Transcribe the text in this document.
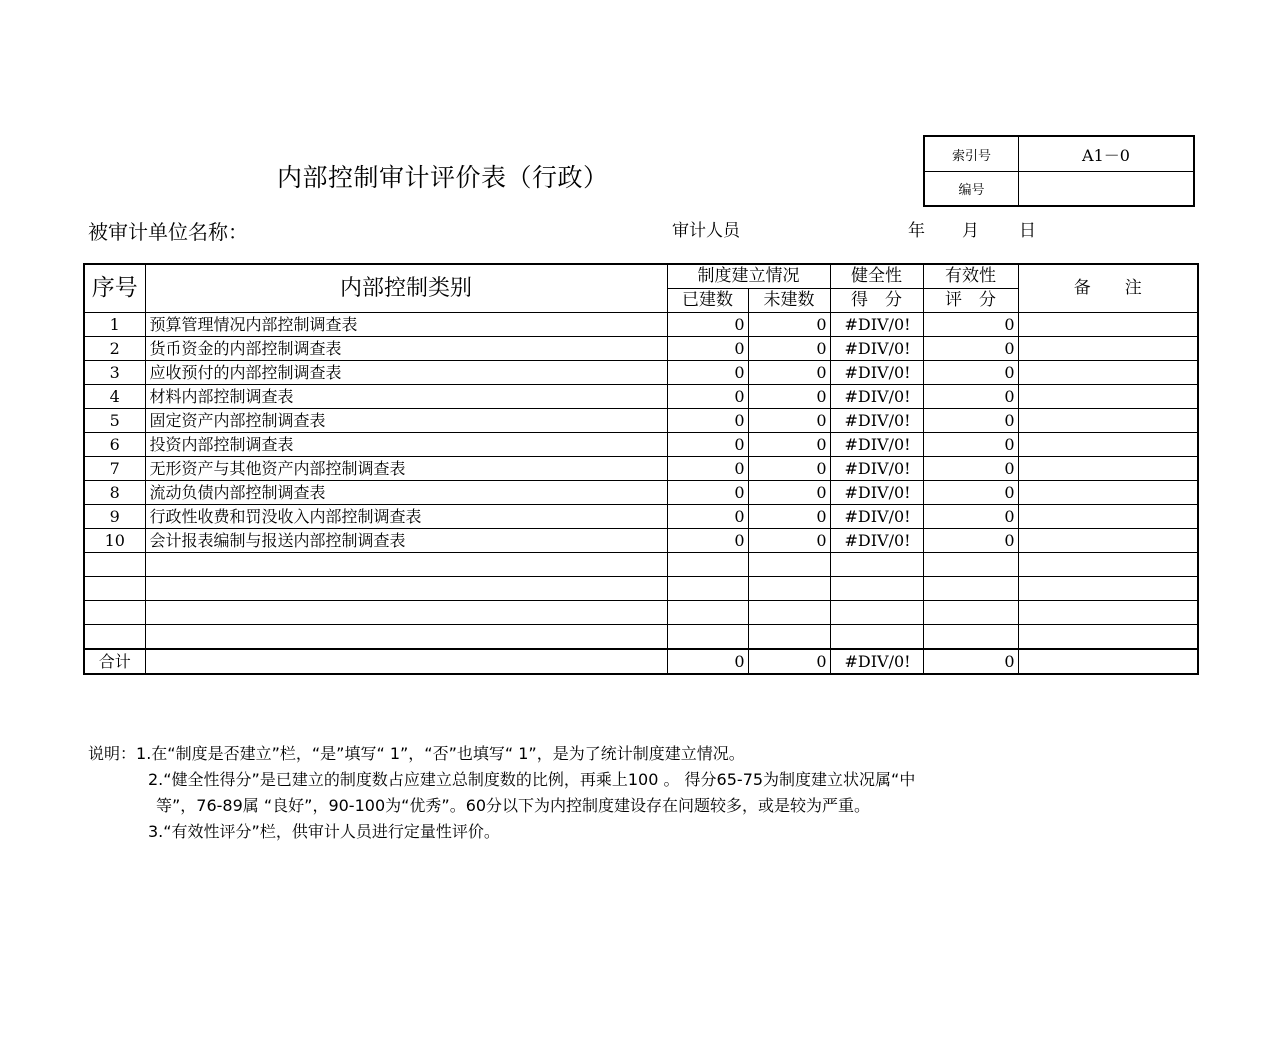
内部控制审计评价表（行政）
索引号	A1－0
编号
被审计单位名称：	审计人员	年 月 日
序号	内部控制类别	制度建立情况		健全性	有效性	备　　注
		已建数	未建数	得　分	评　分	
1	预算管理情况内部控制调查表	0	0	#DIV/0!	0	
2	货币资金的内部控制调查表	0	0	#DIV/0!	0	
3	应收预付的内部控制调查表	0	0	#DIV/0!	0	
4	材料内部控制调查表	0	0	#DIV/0!	0	
5	固定资产内部控制调查表	0	0	#DIV/0!	0	
6	投资内部控制调查表	0	0	#DIV/0!	0	
7	无形资产与其他资产内部控制调查表	0	0	#DIV/0!	0	
8	流动负债内部控制调查表	0	0	#DIV/0!	0	
9	行政性收费和罚没收入内部控制调查表	0	0	#DIV/0!	0	
10	会计报表编制与报送内部控制调查表	0	0	#DIV/0!	0	

合计		0	0	#DIV/0!	0	
说明：1.在“制度是否建立”栏，“是”填写“ 1”，“否”也填写“ 1”，是为了统计制度建立情况。
2.“健全性得分”是已建立的制度数占应建立总制度数的比例，再乘上100 。 得分65-75为制度建立状况属“中
等”，76-89属 “良好”，90-100为“优秀”。60分以下为内控制度建设存在问题较多，或是较为严重。
3.“有效性评分”栏，供审计人员进行定量性评价。
